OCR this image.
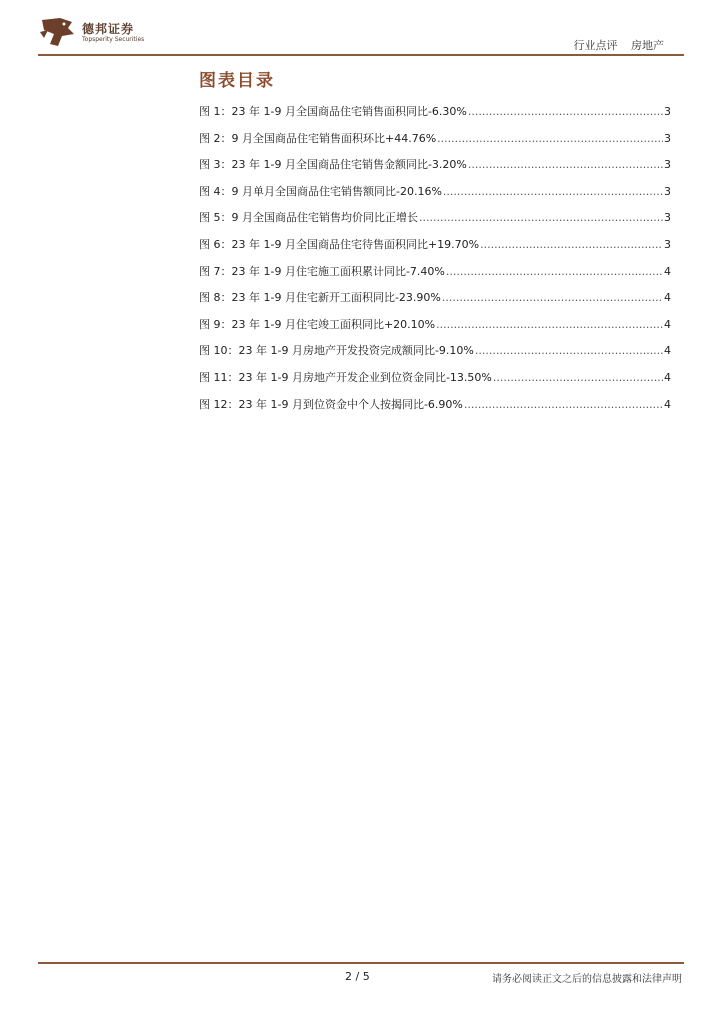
德邦证券
Topsperity Securities	行业点评 房地产
图表目录
图 1：23 年 1-9 月全国商品住宅销售面积同比-6.30% .....	3
图 2：9 月全国商品住宅销售面积环比+44.76% .....	3
图 3：23 年 1-9 月全国商品住宅销售金额同比-3.20% .....	3
图 4：9 月单月全国商品住宅销售额同比-20.16% .....	3
图 5：9 月全国商品住宅销售均价同比正增长 .....	3
图 6：23 年 1-9 月全国商品住宅待售面积同比+19.70% .....	3
图 7：23 年 1-9 月住宅施工面积累计同比-7.40% .....	4
图 8：23 年 1-9 月住宅新开工面积同比-23.90% .....	4
图 9：23 年 1-9 月住宅竣工面积同比+20.10% .....	4
图 10：23 年 1-9 月房地产开发投资完成额同比-9.10% .....	4
图 11：23 年 1-9 月房地产开发企业到位资金同比-13.50% .....	4
图 12：23 年 1-9 月到位资金中个人按揭同比-6.90% .....	4
2 / 5	请务必阅读正文之后的信息披露和法律声明
